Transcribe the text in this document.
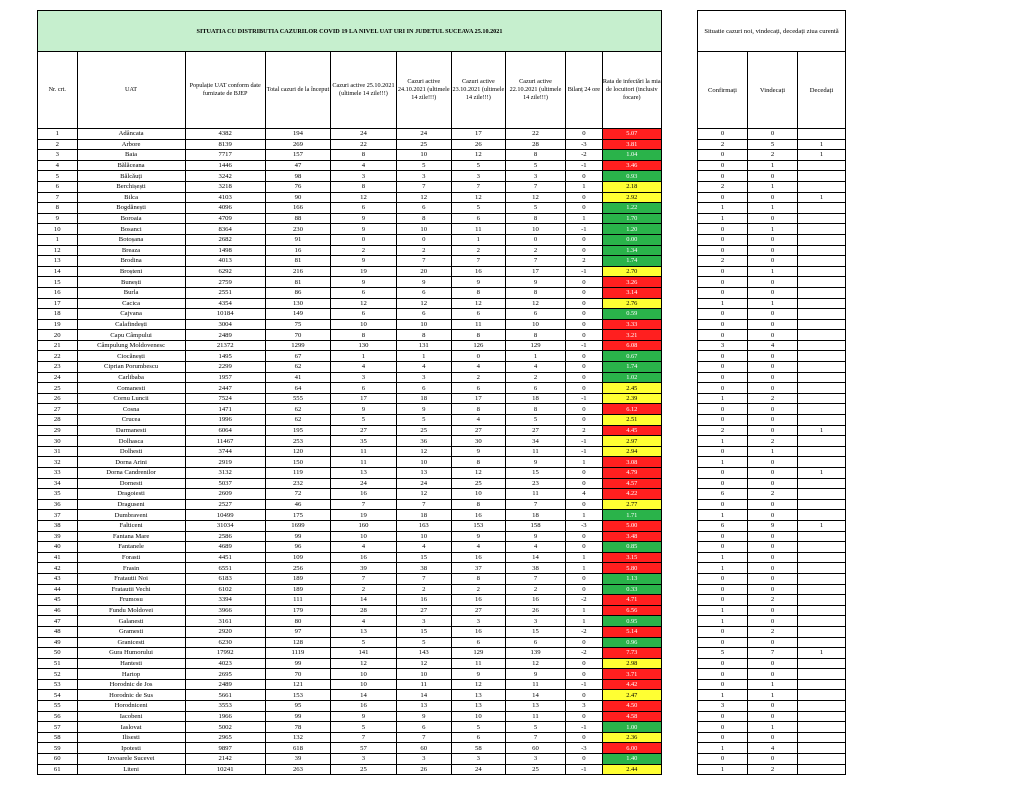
SITUATIA CU DISTRIBUTIA CAZURILOR COVID 19 LA NIVEL UAT URI IN JUDETUL SUCEAVA 25.10.2021									
Nr. crt.	UAT	Populație UAT conform date furnizate de BJEP	Total cazuri de la început	Cazuri active 25.10.2021 (ultimele 14 zile!!!)	Cazuri active 24.10.2021 (ultimele 14 zile!!!)	Cazuri active 23.10.2021 (ultimele 14 zile!!!)	Cazuri active 22.10.2021 (ultimele 14 zile!!!)	Bilanț 24 ore	Rata de infectări la mia de locuitori (inclusiv focare)
1	Adâncata	4382	194	24	24	17	22	0	5.07
2	Arbore	8139	269	22	25	26	28	-3	3.81
3	Baia	7717	157	8	10	12	8	-2	1.04
4	Bălăceana	1446	47	4	5	5	5	-1	3.46
5	Bălcăuți	3242	98	3	3	3	3	0	0.93
6	Berchișești	3218	76	8	7	7	7	1	2.18
7	Bilca	4103	90	12	12	12	12	0	2.92
8	Bogdănești	4096	166	6	6	5	5	0	1.22
9	Boroaia	4709	88	9	8	6	8	1	1.70
10	Bosanci	8364	230	9	10	11	10	-1	1.20
1	Botoșana	2682	91	0	0	1	0	0	0.00
12	Breaza	1498	16	2	2	2	2	0	1.34
13	Brodina	4013	81	9	7	7	7	2	1.74
14	Broșteni	6292	216	19	20	16	17	-1	2.70
15	Bunești	2759	81	9	9	9	9	0	3.26
16	Burla	2551	86	6	6	8	8	0	3.14
17	Cacica	4354	130	12	12	12	12	0	2.76
18	Cajvana	10184	149	6	6	6	6	0	0.59
19	Calafindești	3004	75	10	10	11	10	0	3.33
20	Capu Câmpului	2489	70	8	8	8	8	0	3.21
21	Câmpulung Moldovenesc	21372	1299	130	131	126	129	-1	6.08
22	Ciocănești	1495	67	1	1	0	1	0	0.67
23	Ciprian Porumbescu	2299	62	4	4	4	4	0	1.74
24	Carlibaba	1957	41	3	3	2	2	0	1.02
25	Comanesti	2447	64	6	6	6	6	0	2.45
26	Cornu Luncii	7524	555	17	18	17	18	-1	2.39
27	Cosna	1471	62	9	9	8	8	0	6.12
28	Crucea	1996	62	5	5	4	5	0	2.51
29	Darmanesti	6064	195	27	25	27	27	2	4.45
30	Dolhasca	11467	253	35	36	30	34	-1	2.97
31	Dolhesti	3744	120	11	12	9	11	-1	2.94
32	Dorna Arini	2919	150	11	10	8	9	1	3.08
33	Dorna Candrenilor	3132	119	13	13	12	15	0	4.79
34	Dornesti	5037	232	24	24	25	23	0	4.57
35	Dragoiesti	2609	72	16	12	10	11	4	4.22
36	Draguseni	2527	46	7	7	8	7	0	2.77
37	Dumbraveni	10499	175	19	18	16	18	1	1.71
38	Falticeni	31034	1699	160	163	153	158	-3	5.00
39	Fantana Mare	2586	99	10	10	9	9	0	3.48
40	Fantanele	4689	96	4	4	4	4	0	0.85
41	Forasti	4451	109	16	15	16	14	1	3.15
42	Frasin	6551	256	39	38	37	38	1	5.80
43	Fratautii Noi	6183	189	7	7	8	7	0	1.13
44	Fratautii Vechi	6102	189	2	2	2	2	0	0.33
45	Frumosu	3394	111	14	16	16	16	-2	4.71
46	Fundu Moldovei	3966	179	28	27	27	26	1	6.56
47	Galanesti	3161	80	4	3	3	3	1	0.95
48	Gramesti	2920	97	13	15	16	15	-2	5.14
49	Granicesti	6230	128	5	5	6	6	0	0.96
50	Gura Humorului	17992	1119	141	143	129	139	-2	7.73
51	Hantesti	4023	99	12	12	11	12	0	2.98
52	Hartop	2695	70	10	10	9	9	0	3.71
53	Horodnic de Jos	2489	121	10	11	12	11	-1	4.42
54	Horodnic de Sus	5661	153	14	14	13	14	0	2.47
55	Horodniceni	3553	95	16	13	13	13	3	4.50
56	Iacobeni	1966	99	9	9	10	11	0	4.58
57	Iaslovat	5002	78	5	6	5	5	-1	1.00
58	Ilisesti	2965	132	7	7	6	7	0	2.36
59	Ipotesti	9897	618	57	60	58	60	-3	6.00
60	Izvoarele Sucevei	2142	39	3	3	3	3	0	1.40
61	Liteni	10241	263	25	26	24	25	-1	2.44
Situatie cazuri noi, vindecați, decedați ziua curentă		
Confirmați	Vindecați	Decedați
0	0	
2	5	1
0	2	1
0	1	
0	0	
2	1	
0	0	1
1	1	
1	0	
0	1	
0	0	
0	0	
2	0	
0	1	
0	0	
0	0	
1	1	
0	0	
0	0	
0	0	
3	4	
0	0	
0	0	
0	0	
0	0	
1	2	
0	0	
0	0	
2	0	1
1	2	
0	1	
1	0	
0	0	1
0	0	
6	2	
0	0	
1	0	
6	9	1
0	0	
0	0	
1	0	
1	0	
0	0	
0	0	
0	2	
1	0	
1	0	
0	2	
0	0	
5	7	1
0	0	
0	0	
0	1	
1	1	
3	0	
0	0	
0	1	
0	0	
1	4	
0	0	
1	2	
